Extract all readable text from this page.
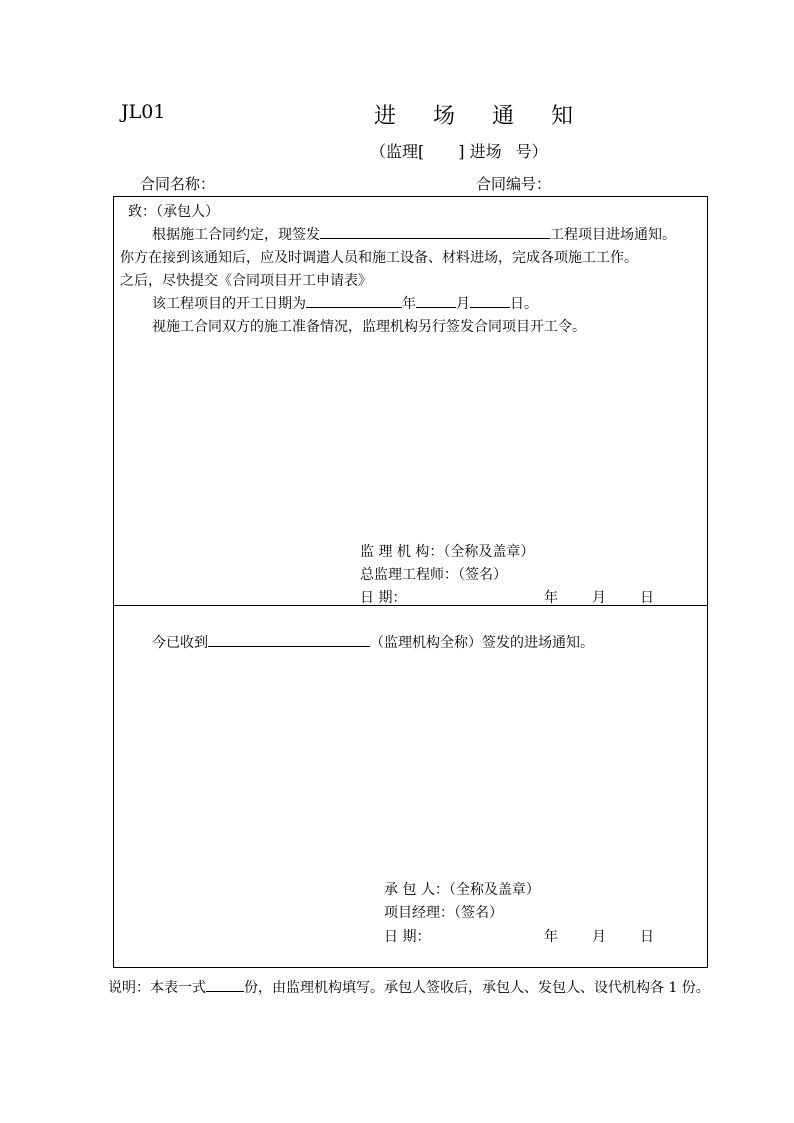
JL01	进 场 通 知
（监理[ ] 进场 号）
合同名称：	合同编号：
致：（承包人）
根据施工合同约定，现签发	工程项目进场通知。
你方在接到该通知后，应及时调遣人员和施工设备、材料进场，完成各项施工工作。
之后，尽快提交《合同项目开工申请表》
该工程项目的开工日期为	年	月	日。
视施工合同双方的施工准备情况，监理机构另行签发合同项目开工令。
监 理 机 构：（全称及盖章）
总监理工程师：（签名）
日 期：	年 月 日
今已收到	（监理机构全称）签发的进场通知。
承 包 人：（全称及盖章）
项目经理：（签名）
日 期：	年 月 日
说明：本表一式	份，由监理机构填写。承包人签收后，承包人、发包人、设代机构各 1 份。
